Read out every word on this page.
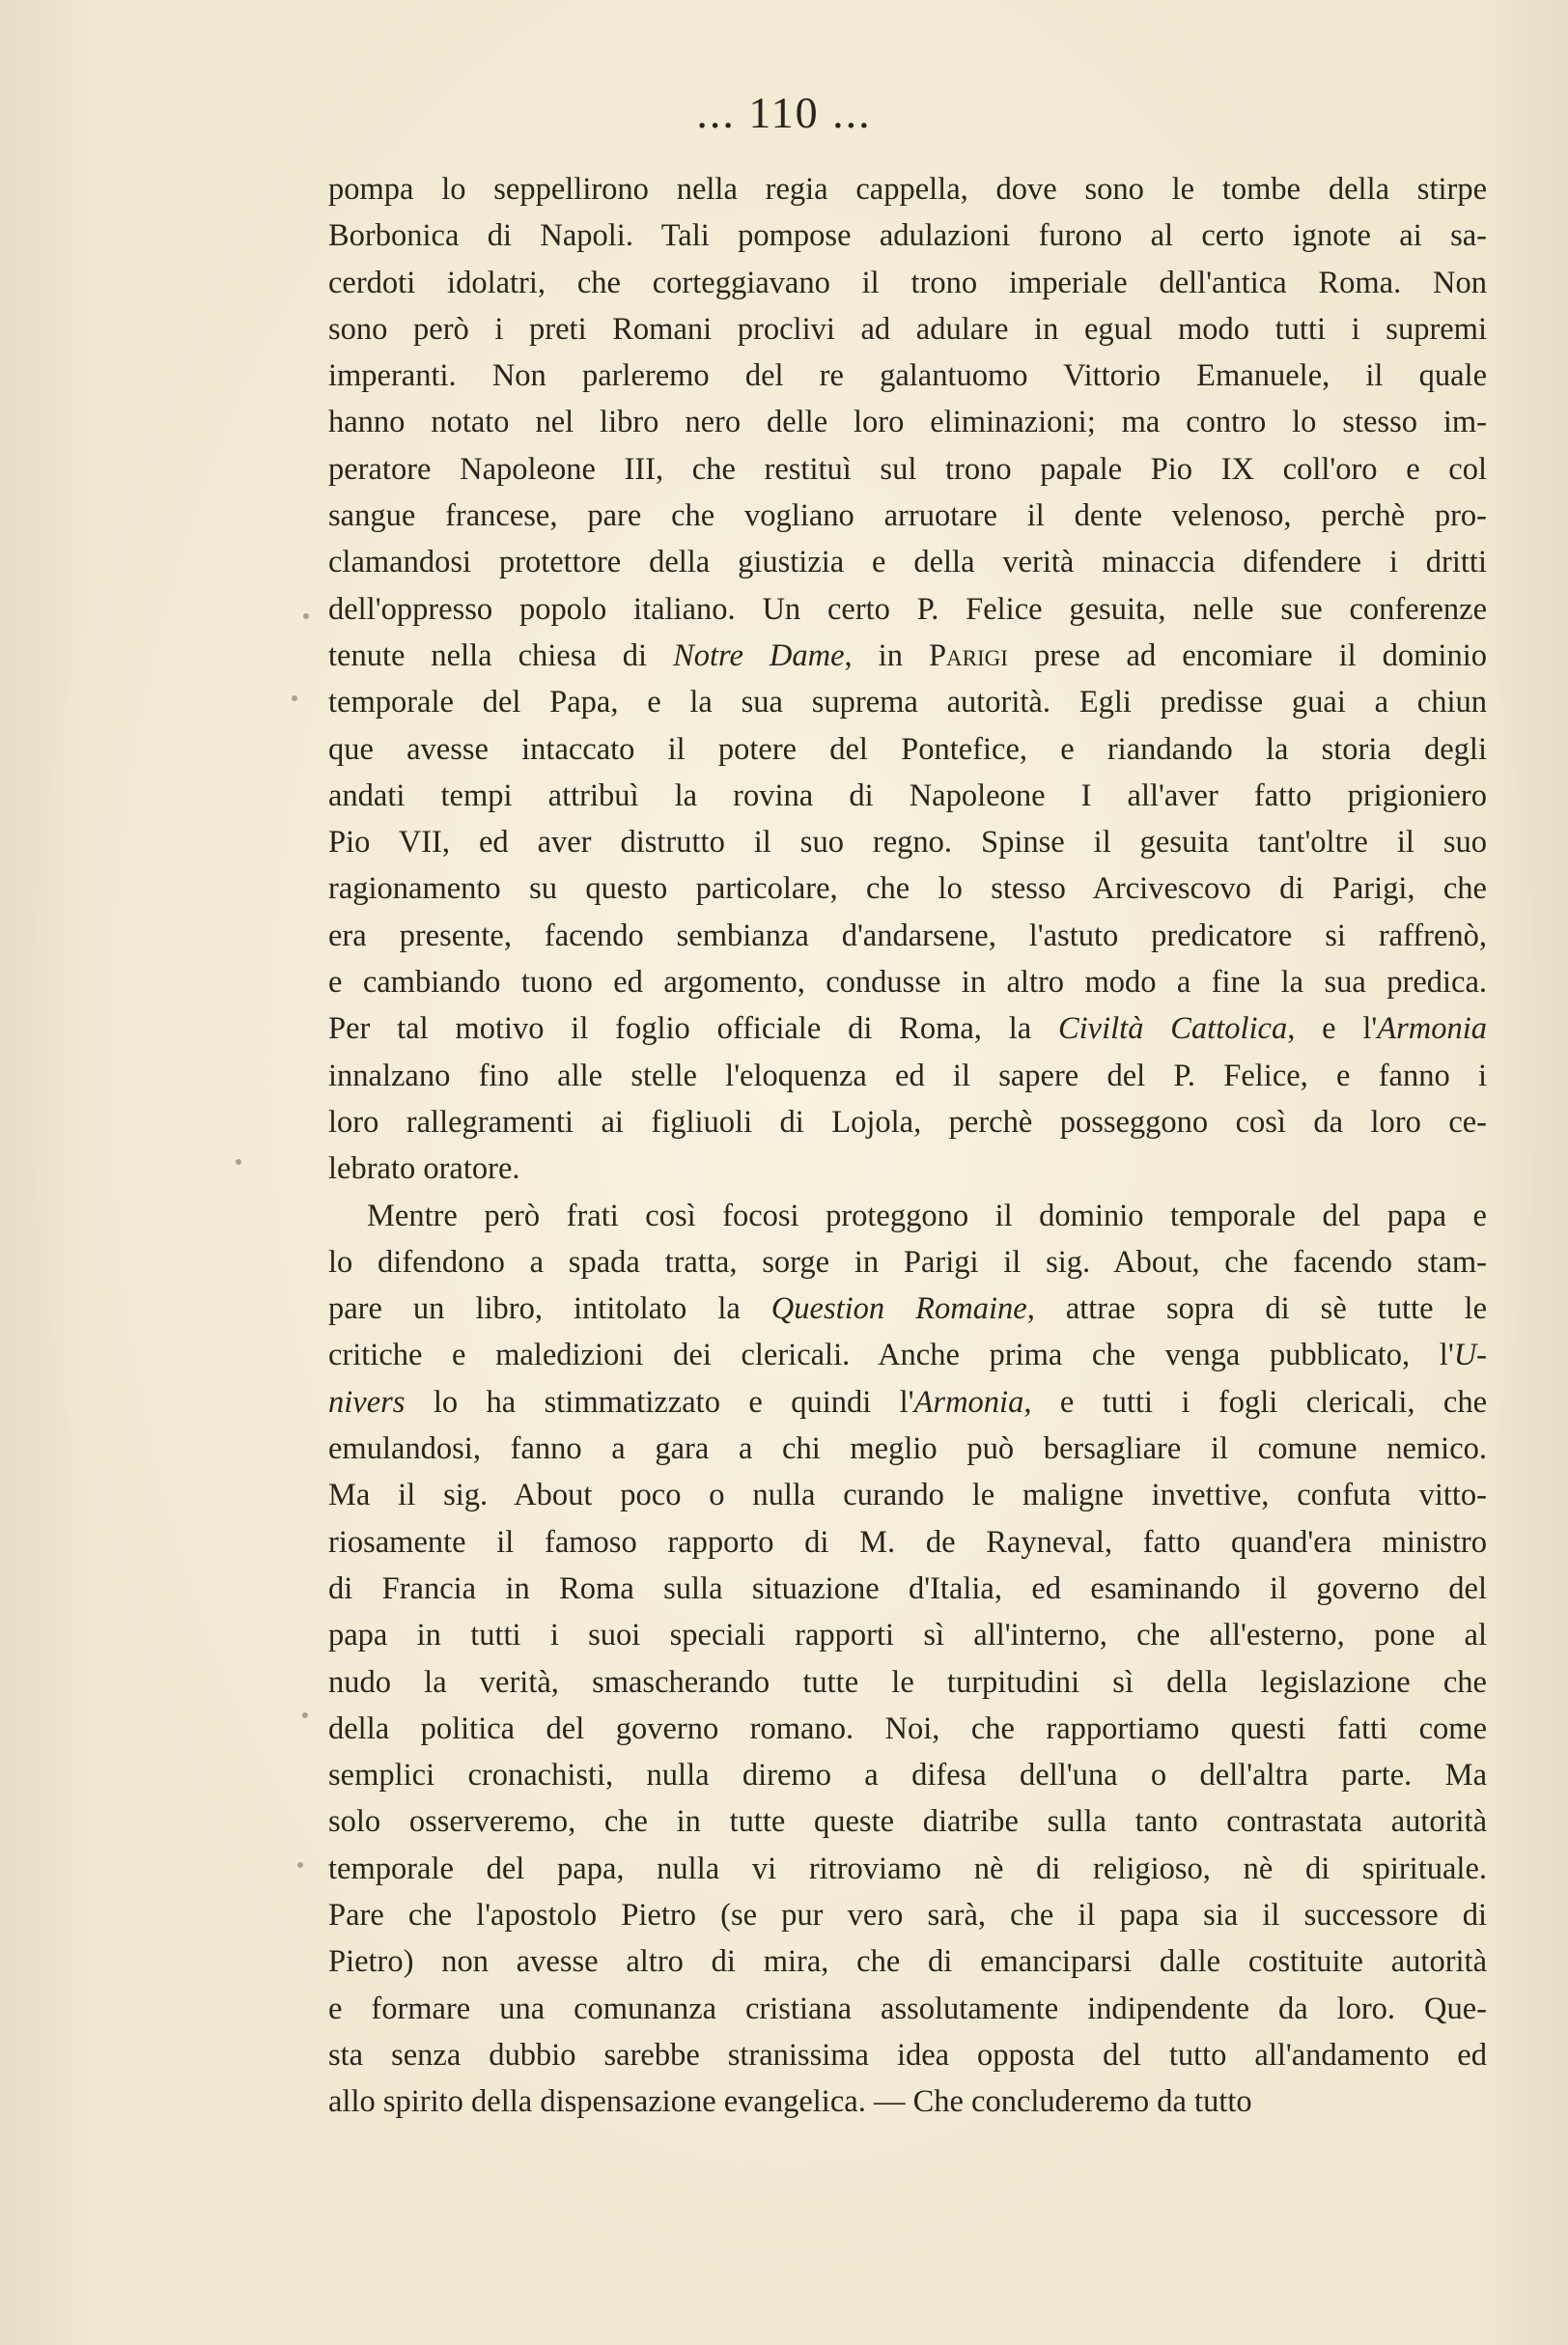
... 110 ...
pompa lo seppellirono nella regia cappella, dove sono le tombe della stirpe
Borbonica di Napoli. Tali pompose adulazioni furono al certo ignote ai sa-
cerdoti idolatri, che corteggiavano il trono imperiale dell'antica Roma. Non
sono però i preti Romani proclivi ad adulare in egual modo tutti i supremi
imperanti. Non parleremo del re galantuomo Vittorio Emanuele, il quale
hanno notato nel libro nero delle loro eliminazioni; ma contro lo stesso im-
peratore Napoleone III, che restituì sul trono papale Pio IX coll'oro e col
sangue francese, pare che vogliano arruotare il dente velenoso, perchè pro-
clamandosi protettore della giustizia e della verità minaccia difendere i dritti
dell'oppresso popolo italiano. Un certo P. Felice gesuita, nelle sue conferenze
tenute nella chiesa di Notre Dame, in Parigi prese ad encomiare il dominio
temporale del Papa, e la sua suprema autorità. Egli predisse guai a chiun
que avesse intaccato il potere del Pontefice, e riandando la storia degli
andati tempi attribuì la rovina di Napoleone I all'aver fatto prigioniero
Pio VII, ed aver distrutto il suo regno. Spinse il gesuita tant'oltre il suo
ragionamento su questo particolare, che lo stesso Arcivescovo di Parigi, che
era presente, facendo sembianza d'andarsene, l'astuto predicatore si raffrenò,
e cambiando tuono ed argomento, condusse in altro modo a fine la sua predica.
Per tal motivo il foglio officiale di Roma, la Civiltà Cattolica, e l'Armonia
innalzano fino alle stelle l'eloquenza ed il sapere del P. Felice, e fanno i
loro rallegramenti ai figliuoli di Lojola, perchè posseggono così da loro ce-
lebrato oratore.
Mentre però frati così focosi proteggono il dominio temporale del papa e
lo difendono a spada tratta, sorge in Parigi il sig. About, che facendo stam-
pare un libro, intitolato la Question Romaine, attrae sopra di sè tutte le
critiche e maledizioni dei clericali. Anche prima che venga pubblicato, l'U-
nivers lo ha stimmatizzato e quindi l'Armonia, e tutti i fogli clericali, che
emulandosi, fanno a gara a chi meglio può bersagliare il comune nemico.
Ma il sig. About poco o nulla curando le maligne invettive, confuta vitto-
riosamente il famoso rapporto di M. de Rayneval, fatto quand'era ministro
di Francia in Roma sulla situazione d'Italia, ed esaminando il governo del
papa in tutti i suoi speciali rapporti sì all'interno, che all'esterno, pone al
nudo la verità, smascherando tutte le turpitudini sì della legislazione che
della politica del governo romano. Noi, che rapportiamo questi fatti come
semplici cronachisti, nulla diremo a difesa dell'una o dell'altra parte. Ma
solo osserveremo, che in tutte queste diatribe sulla tanto contrastata autorità
temporale del papa, nulla vi ritroviamo nè di religioso, nè di spirituale.
Pare che l'apostolo Pietro (se pur vero sarà, che il papa sia il successore di
Pietro) non avesse altro di mira, che di emanciparsi dalle costituite autorità
e formare una comunanza cristiana assolutamente indipendente da loro. Que-
sta senza dubbio sarebbe stranissima idea opposta del tutto all'andamento ed
allo spirito della dispensazione evangelica. — Che concluderemo da tutto
